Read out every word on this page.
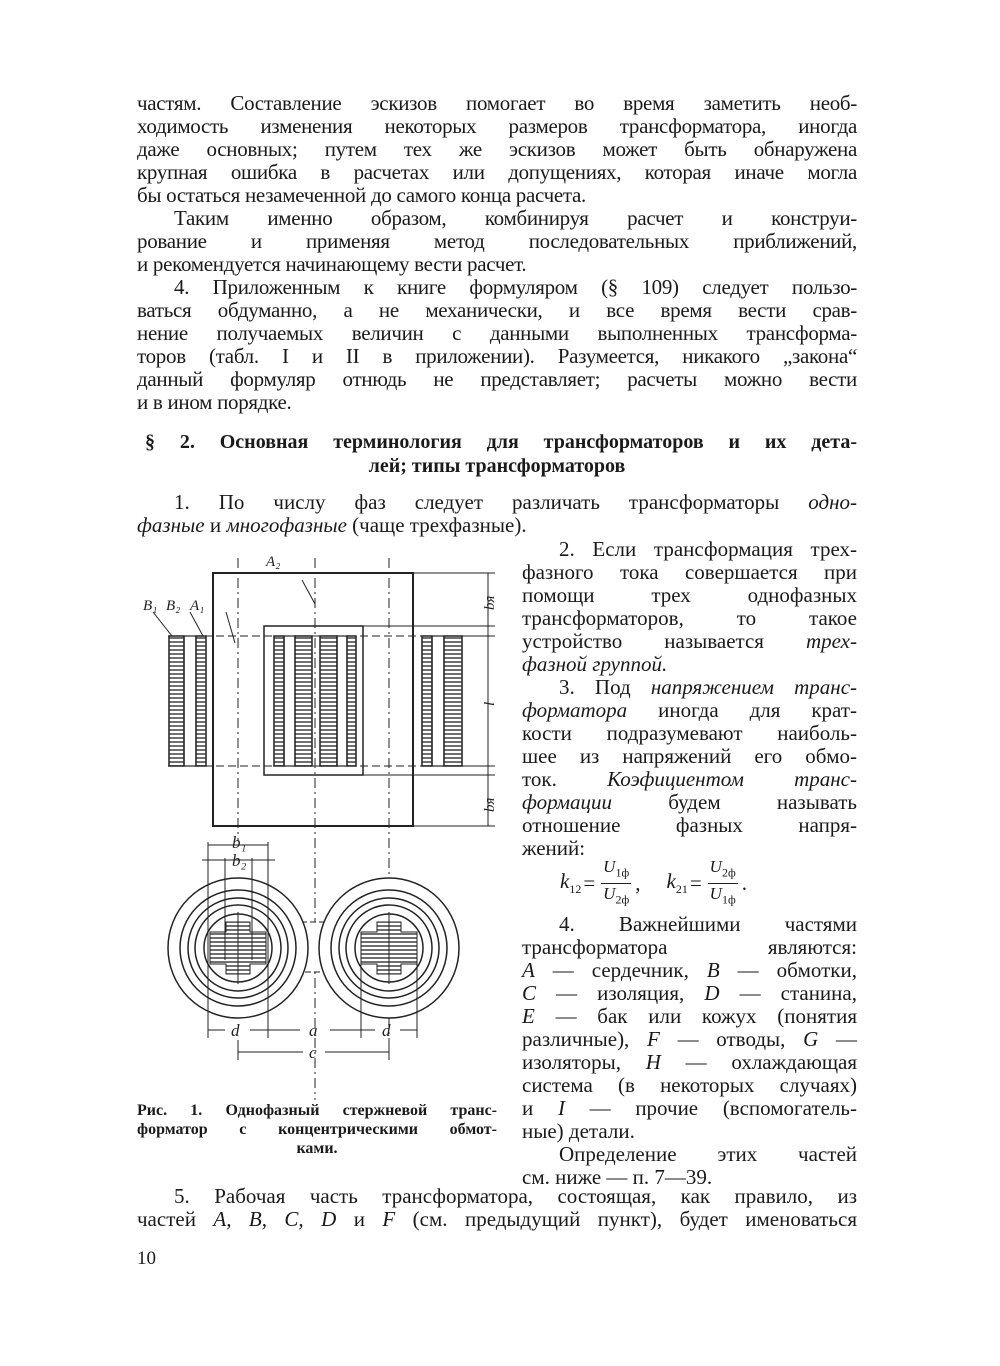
частям. Составление эскизов помогает во время заметить необ-
ходимость изменения некоторых размеров трансформатора, иногда
даже основных; путем тех же эскизов может быть обнаружена
крупная ошибка в расчетах или допущениях, которая иначе могла
бы остаться незамеченной до самого конца расчета.
Таким именно образом, комбинируя расчет и конструи-
рование и применяя метод последовательных приближений,
и рекомендуется начинающему вести расчет.
4. Приложенным к книге формуляром (§ 109) следует пользо-
ваться обдуманно, а не механически, и все время вести срав-
нение получаемых величин с данными выполненных трансформа-
торов (табл. I и II в приложении). Разумеется, никакого „закона“
данный формуляр отнюдь не представляет; расчеты можно вести
и в ином порядке.
§ 2. Основная терминология для трансформаторов и их дета-
лей; типы трансформаторов
1. По числу фаз следует различать трансформаторы одно-
фазные и многофазные (чаще трехфазные).
2. Если трансформация трех-
фазного тока совершается при
помощи трех однофазных
трансформаторов, то такое
устройство называется трех-
фазной группой.
3. Под напряжением транс-
форматора иногда для крат-
кости подразумевают наиболь-
шее из напряжений его обмо-
ток. Коэфициентом транс-
формации будем называть
отношение фазных напря-
жений:
$k_{12} = \frac{U_{1ф}}{U_{2ф}}$ , $k_{21} = \frac{U_{2ф}}{U_{1ф}}$ .
4. Важнейшими частями
трансформатора являются:
A — сердечник, B — обмотки,
C — изоляция, D — станина,
E — бак или кожух (понятия
различные), F — отводы, G —
изоляторы, H — охлаждающая
система (в некоторых случаях)
и I — прочие (вспомогатель-
ные) детали.
Определение этих частей
см. ниже — п. 7—39.
5. Рабочая часть трансформатора, состоящая, как правило, из
частей A, B, C, D и F (см. предыдущий пункт), будет именоваться
A₂
B₁ B₂ A₁	bя
l
bя
b₁
b₂
d	a	d
c
Рис. 1. Однофазный стержневой транс-
форматор с концентрическими обмот-
ками.
10
